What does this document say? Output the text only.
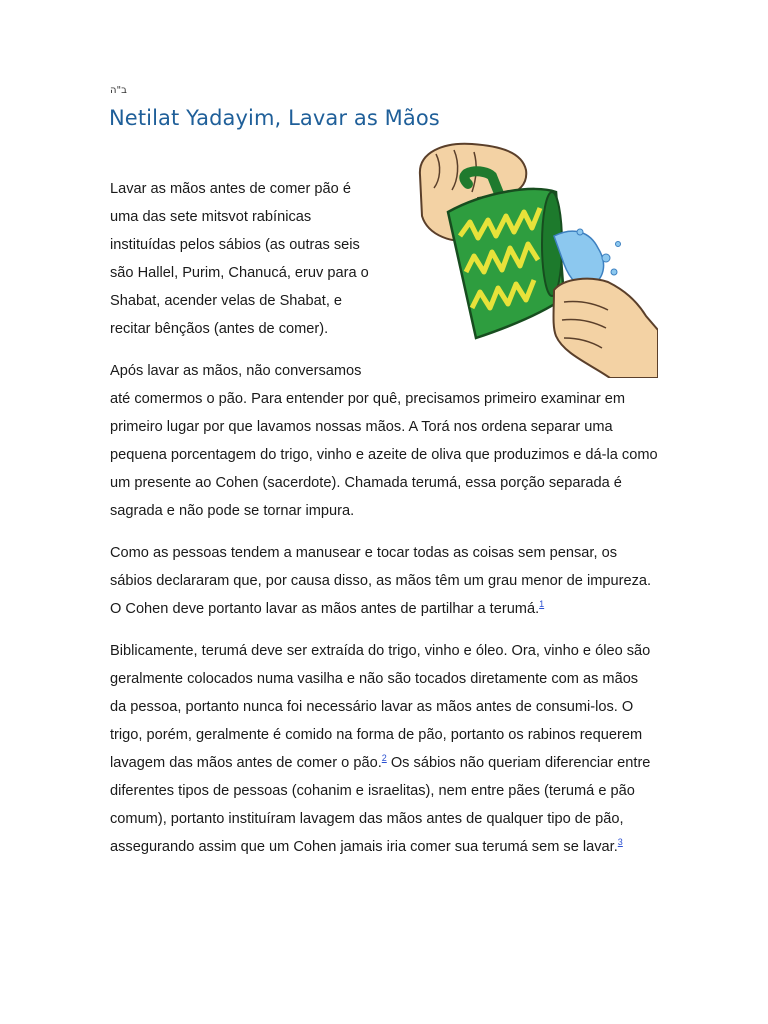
ב"ה
Netilat Yadayim, Lavar as Mãos

Lavar as mãos antes de comer pão é
uma das sete mitsvot rabínicas
instituídas pelos sábios (as outras seis
são Hallel, Purim, Chanucá, eruv para o
Shabat, acender velas de Shabat, e
recitar bênçãos (antes de comer).

Após lavar as mãos, não conversamos
até comermos o pão. Para entender por quê, precisamos primeiro examinar em primeiro lugar por que lavamos nossas mãos. A Torá nos ordena separar uma pequena porcentagem do trigo, vinho e azeite de oliva que produzimos e dá-la como um presente ao Cohen (sacerdote). Chamada terumá, essa porção separada é sagrada e não pode se tornar impura.

Como as pessoas tendem a manusear e tocar todas as coisas sem pensar, os sábios declararam que, por causa disso, as mãos têm um grau menor de impureza. O Cohen deve portanto lavar as mãos antes de partilhar a terumá.$^1$

Biblicamente, terumá deve ser extraída do trigo, vinho e óleo. Ora, vinho e óleo são geralmente colocados numa vasilha e não são tocados diretamente com as mãos da pessoa, portanto nunca foi necessário lavar as mãos antes de consumi-los. O trigo, porém, geralmente é comido na forma de pão, portanto os rabinos requerem lavagem das mãos antes de comer o pão.$^2$ Os sábios não queriam diferenciar entre diferentes tipos de pessoas (cohanim e israelitas), nem entre pães (terumá e pão comum), portanto instituíram lavagem das mãos antes de qualquer tipo de pão, assegurando assim que um Cohen jamais iria comer sua terumá sem se lavar.$^3$
